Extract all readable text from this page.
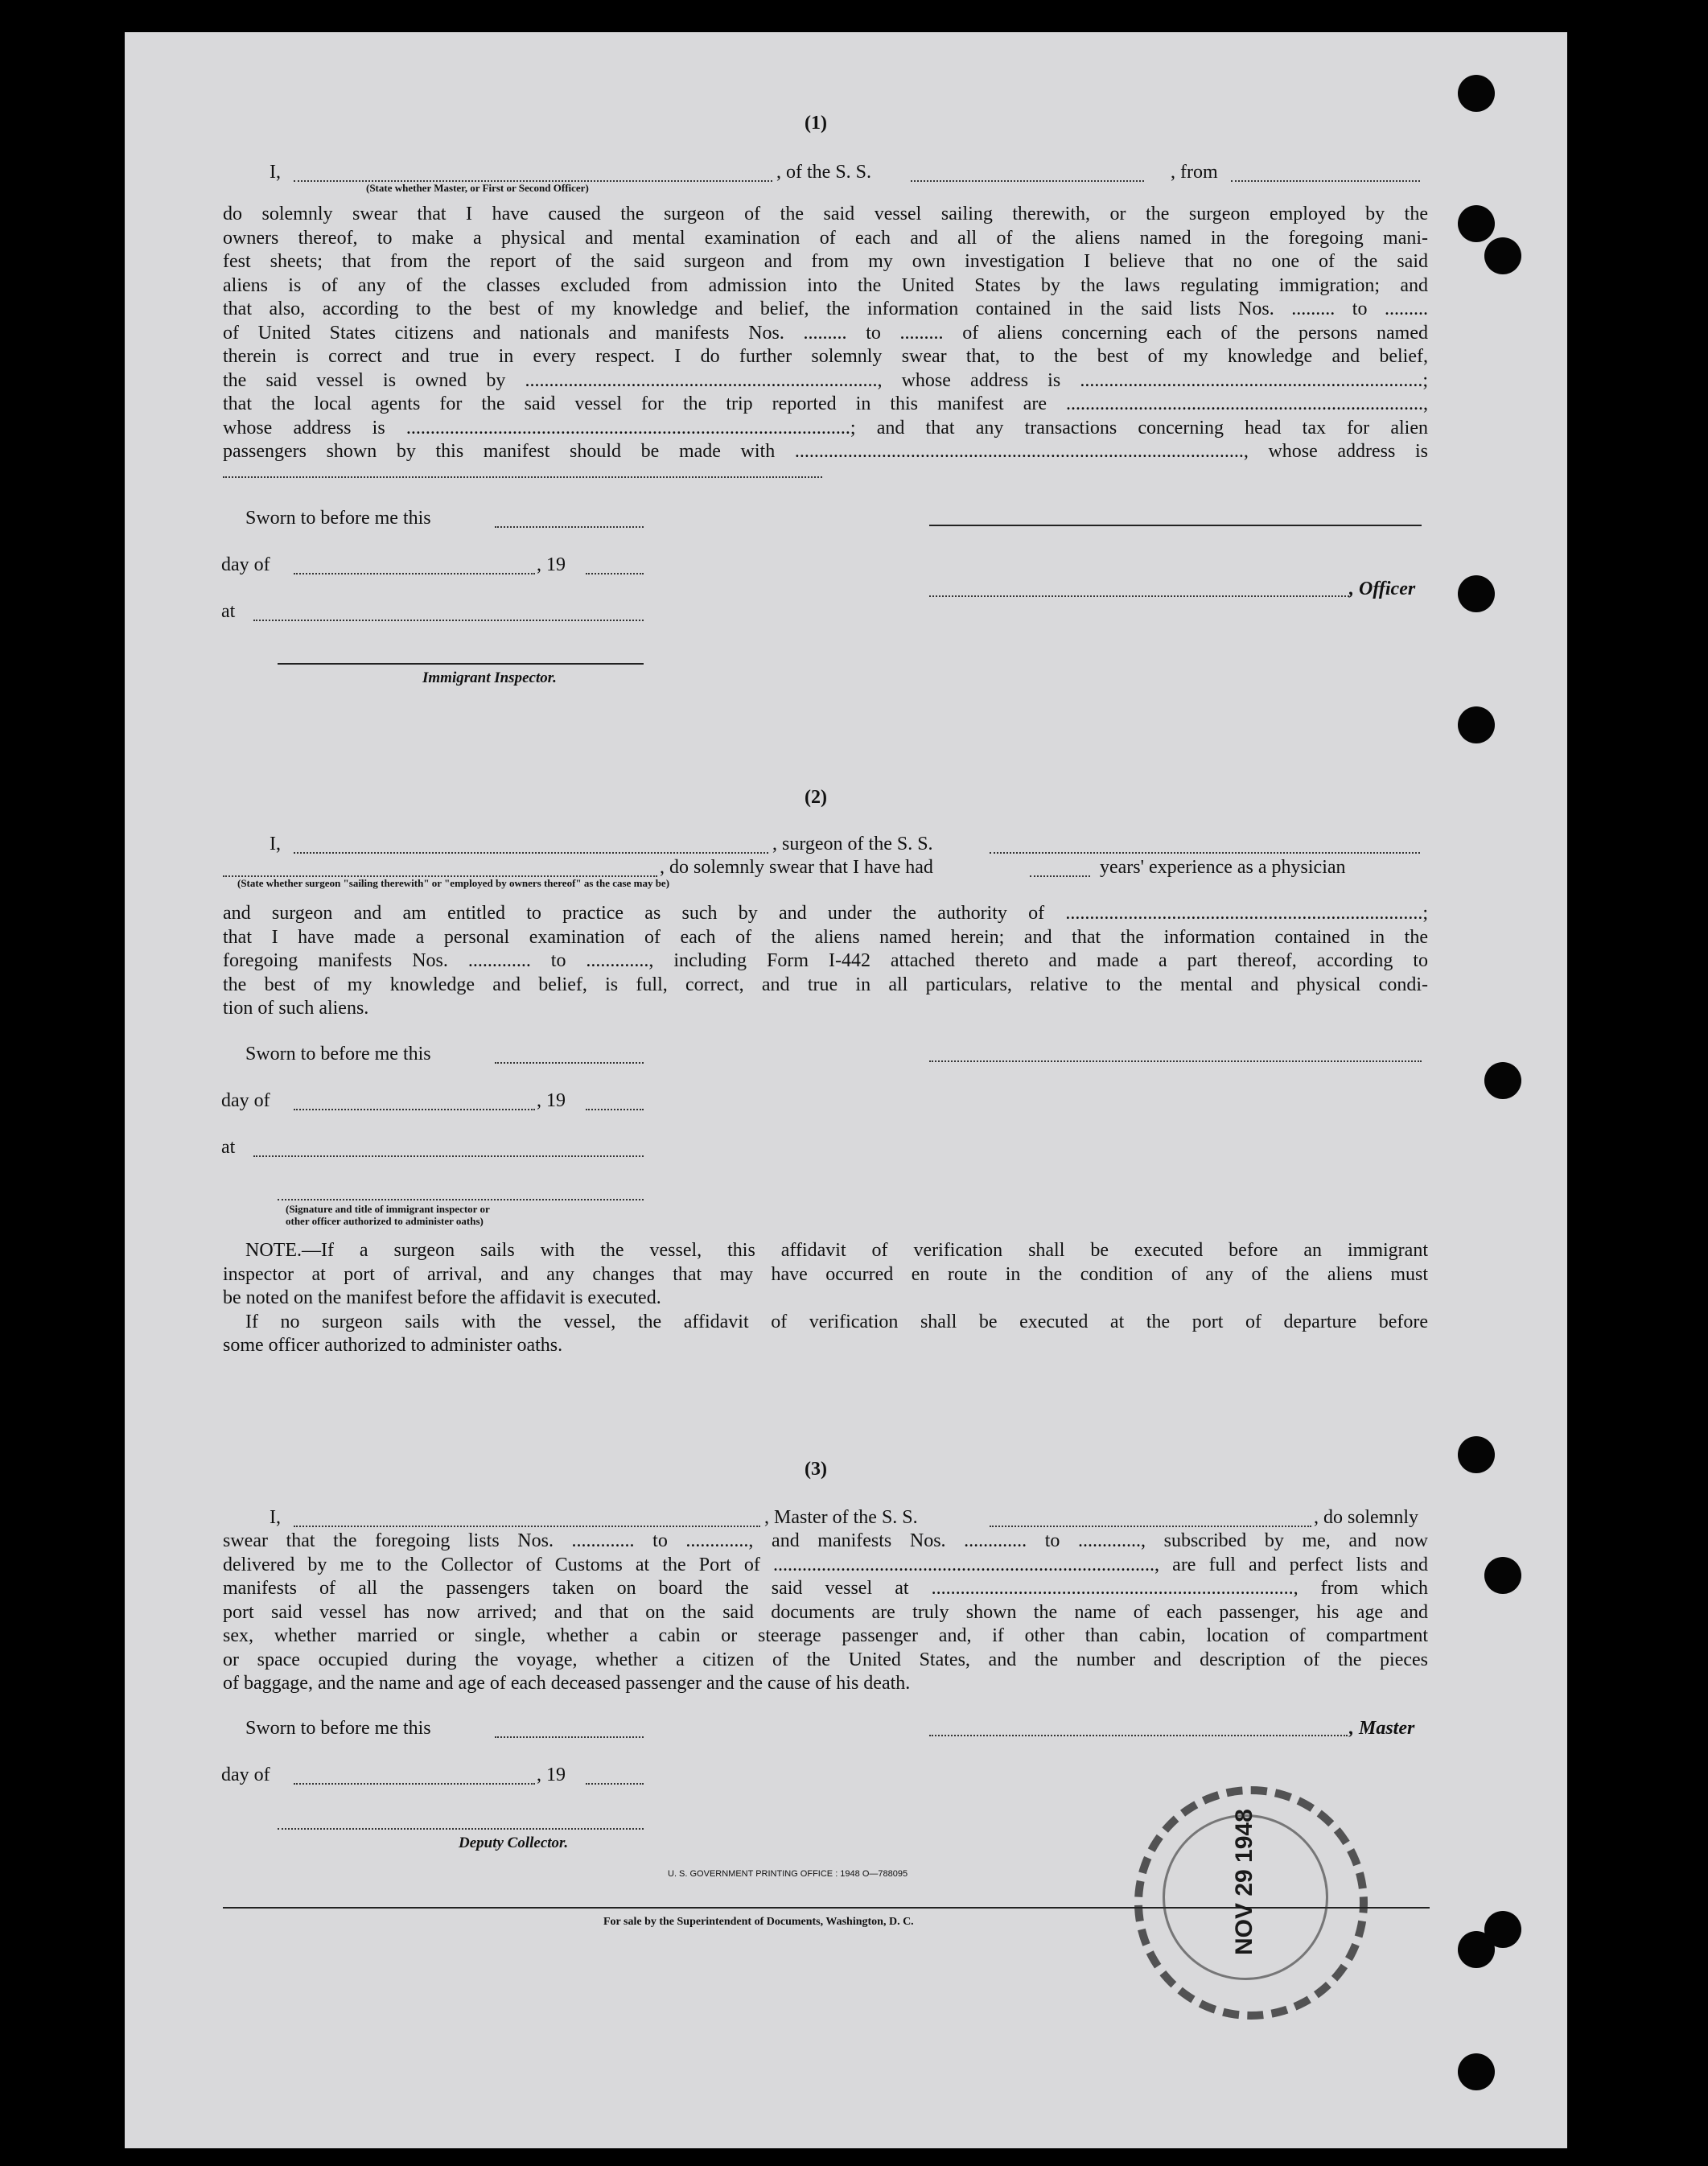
(1)
I,	, of the S. S.	, from
(State whether Master, or First or Second Officer)
do solemnly swear that I have caused the surgeon of the said vessel sailing therewith, or the surgeon employed by the
owners thereof, to make a physical and mental examination of each and all of the aliens named in the foregoing mani-
fest sheets; that from the report of the said surgeon and from my own investigation I believe that no one of the said
aliens is of any of the classes excluded from admission into the United States by the laws regulating immigration; and
that also, according to the best of my knowledge and belief, the information contained in the said lists Nos. ......... to .........
of United States citizens and nationals and manifests Nos. ......... to ......... of aliens concerning each of the persons named
therein is correct and true in every respect. I do further solemnly swear that, to the best of my knowledge and belief,
the said vessel is owned by ........................................................................., whose address is .......................................................................;
that the local agents for the said vessel for the trip reported in this manifest are ..........................................................................,
whose address is ............................................................................................; and that any transactions concerning head tax for alien
passengers shown by this manifest should be made with ............................................................................................., whose address is
Sworn to before me this
day of	, 19
at
, Officer
Immigrant Inspector.
(2)
I,	, surgeon of the S. S.
, do solemnly swear that I have had	years' experience as a physician
(State whether surgeon "sailing therewith" or "employed by owners thereof" as the case may be)
and surgeon and am entitled to practice as such by and under the authority of ..........................................................................;
that I have made a personal examination of each of the aliens named herein; and that the information contained in the
foregoing manifests Nos. ............. to ............., including Form I-442 attached thereto and made a part thereof, according to
the best of my knowledge and belief, is full, correct, and true in all particulars, relative to the mental and physical condi-
tion of such aliens.
Sworn to before me this
day of	, 19
at
(Signature and title of immigrant inspector or
other officer authorized to administer oaths)
NOTE.—If a surgeon sails with the vessel, this affidavit of verification shall be executed before an immigrant
inspector at port of arrival, and any changes that may have occurred en route in the condition of any of the aliens must
be noted on the manifest before the affidavit is executed.
If no surgeon sails with the vessel, the affidavit of verification shall be executed at the port of departure before
some officer authorized to administer oaths.
(3)
I,	, Master of the S. S.	, do solemnly
swear that the foregoing lists Nos. ............. to ............., and manifests Nos. ............. to ............., subscribed by me, and now
delivered by me to the Collector of Customs at the Port of ..............................................................................., are full and perfect lists and
manifests of all the passengers taken on board the said vessel at ..........................................................................., from which
port said vessel has now arrived; and that on the said documents are truly shown the name of each passenger, his age and
sex, whether married or single, whether a cabin or steerage passenger and, if other than cabin, location of compartment
or space occupied during the voyage, whether a citizen of the United States, and the number and description of the pieces
of baggage, and the name and age of each deceased passenger and the cause of his death.
Sworn to before me this	, Master
day of	, 19
Deputy Collector.
U. S. GOVERNMENT PRINTING OFFICE : 1948 O—788095
For sale by the Superintendent of Documents, Washington, D. C.	NOV 29 1948
